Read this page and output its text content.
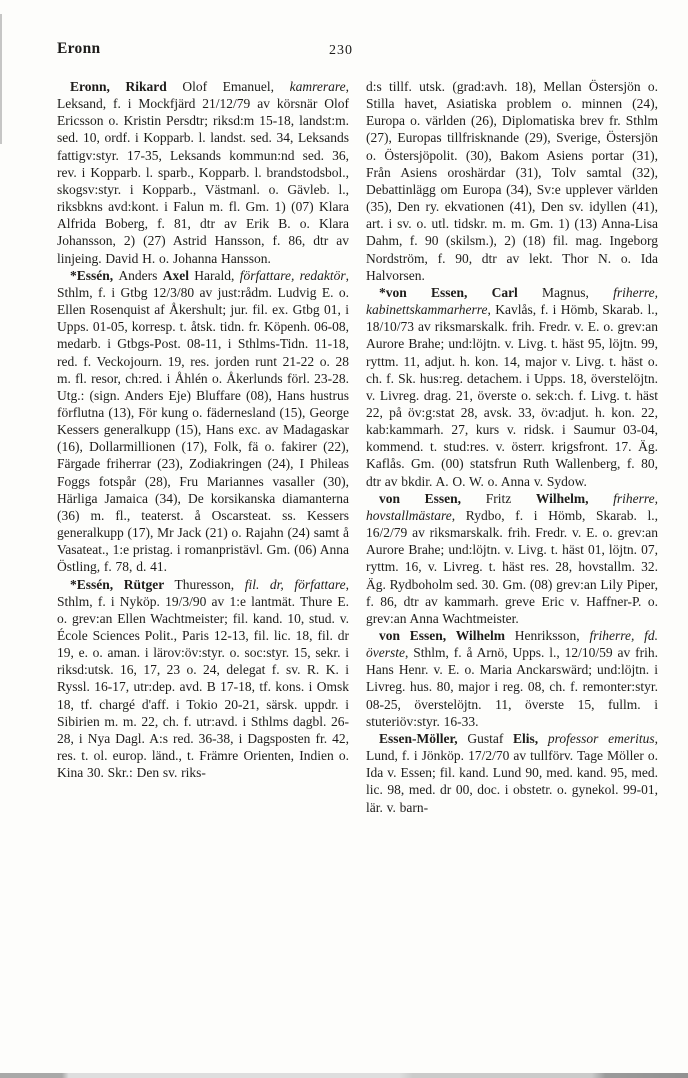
Eronn	230

Eronn, Rikard Olof Emanuel, kamrerare, Leksand, f. i Mockfjärd 21/12/79 av körsnär Olof Ericsson o. Kristin Persdtr; riksd:m 15-18, landst:m. sed. 10, ordf. i Kopparb. l. landst. sed. 34, Leksands fattigv:styr. 17-35, Leksands kommun:nd sed. 36, rev. i Kopparb. l. sparb., Kopparb. l. brandstodsbol., skogsv:styr. i Kopparb., Västmanl. o. Gävleb. l., riksbkns avd:kont. i Falun m. fl. Gm. 1) (07) Klara Alfrida Boberg, f. 81, dtr av Erik B. o. Klara Johansson, 2) (27) Astrid Hansson, f. 86, dtr av linjeing. David H. o. Johanna Hansson.

*Essén, Anders Axel Harald, författare, redaktör, Sthlm, f. i Gtbg 12/3/80 av just:rådm. Ludvig E. o. Ellen Rosenquist af Åkershult; jur. fil. ex. Gtbg 01, i Upps. 01-05, korresp. t. åtsk. tidn. fr. Köpenh. 06-08, medarb. i Gtbgs-Post. 08-11, i Sthlms-Tidn. 11-18, red. f. Veckojourn. 19, res. jorden runt 21-22 o. 28 m. fl. resor, ch:red. i Åhlén o. Åkerlunds förl. 23-28. Utg.: (sign. Anders Eje) Bluffare (08), Hans hustrus förflutna (13), För kung o. fädernesland (15), George Kessers generalkupp (15), Hans exc. av Madagaskar (16), Dollarmillionen (17), Folk, fä o. fakirer (22), Färgade friherrar (23), Zodiakringen (24), I Phileas Foggs fotspår (28), Fru Mariannes vasaller (30), Härliga Jamaica (34), De korsikanska diamanterna (36) m. fl., teaterst. å Oscarsteat. ss. Kessers generalkupp (17), Mr Jack (21) o. Rajahn (24) samt å Vasateat., 1:e pristag. i romanpristävl. Gm. (06) Anna Östling, f. 78, d. 41.

*Essén, Rütger Thuresson, fil. dr, författare, Sthlm, f. i Nyköp. 19/3/90 av 1:e lantmät. Thure E. o. grev:an Ellen Wachtmeister; fil. kand. 10, stud. v. École Sciences Polit., Paris 12-13, fil. lic. 18, fil. dr 19, e. o. aman. i lärov:öv:styr. o. soc:styr. 15, sekr. i riksd:utsk. 16, 17, 23 o. 24, delegat f. sv. R. K. i Ryssl. 16-17, utr:dep. avd. B 17-18, tf. kons. i Omsk 18, tf. chargé d'aff. i Tokio 20-21, särsk. uppdr. i Sibirien m. m. 22, ch. f. utr:avd. i Sthlms dagbl. 26-28, i Nya Dagl. A:s red. 36-38, i Dagsposten fr. 42, res. t. ol. europ. länd., t. Främre Orienten, Indien o. Kina 30. Skr.: Den sv. riks-

d:s tillf. utsk. (grad:avh. 18), Mellan Östersjön o. Stilla havet, Asiatiska problem o. minnen (24), Europa o. världen (26), Diplomatiska brev fr. Sthlm (27), Europas tillfrisknande (29), Sverige, Östersjön o. Östersjöpolit. (30), Bakom Asiens portar (31), Från Asiens oroshärdar (31), Tolv samtal (32), Debattinlägg om Europa (34), Sv:e upplever världen (35), Den ry. ekvationen (41), Den sv. idyllen (41), art. i sv. o. utl. tidskr. m. m. Gm. 1) (13) Anna-Lisa Dahm, f. 90 (skilsm.), 2) (18) fil. mag. Ingeborg Nordström, f. 90, dtr av lekt. Thor N. o. Ida Halvorsen.

*von Essen, Carl Magnus, friherre, kabinettskammarherre, Kavlås, f. i Hömb, Skarab. l., 18/10/73 av riksmarskalk. frih. Fredr. v. E. o. grev:an Aurore Brahe; und:löjtn. v. Livg. t. häst 95, löjtn. 99, ryttm. 11, adjut. h. kon. 14, major v. Livg. t. häst o. ch. f. Sk. hus:reg. detachem. i Upps. 18, överstelöjtn. v. Livreg. drag. 21, överste o. sek:ch. f. Livg. t. häst 22, på öv:g:stat 28, avsk. 33, öv:adjut. h. kon. 22, kab:kammarh. 27, kurs v. ridsk. i Saumur 03-04, kommend. t. stud:res. v. österr. krigsfront. 17. Äg. Kaflås. Gm. (00) statsfrun Ruth Wallenberg, f. 80, dtr av bkdir. A. O. W. o. Anna v. Sydow.

von Essen, Fritz Wilhelm, friherre, hovstallmästare, Rydbo, f. i Hömb, Skarab. l., 16/2/79 av riksmarskalk. frih. Fredr. v. E. o. grev:an Aurore Brahe; und:löjtn. v. Livg. t. häst 01, löjtn. 07, ryttm. 16, v. Livreg. t. häst res. 28, hovstallm. 32. Äg. Rydboholm sed. 30. Gm. (08) grev:an Lily Piper, f. 86, dtr av kammarh. greve Eric v. Haffner-P. o. grev:an Anna Wachtmeister.

von Essen, Wilhelm Henriksson, friherre, fd. överste, Sthlm, f. å Arnö, Upps. l., 12/10/59 av frih. Hans Henr. v. E. o. Maria Anckarswärd; und:löjtn. i Livreg. hus. 80, major i reg. 08, ch. f. remonter:styr. 08-25, överstelöjtn. 11, överste 15, fullm. i stuteriöv:styr. 16-33.

Essen-Möller, Gustaf Elis, professor emeritus, Lund, f. i Jönköp. 17/2/70 av tullförv. Tage Möller o. Ida v. Essen; fil. kand. Lund 90, med. kand. 95, med. lic. 98, med. dr 00, doc. i obstetr. o. gynekol. 99-01, lär. v. barn-
